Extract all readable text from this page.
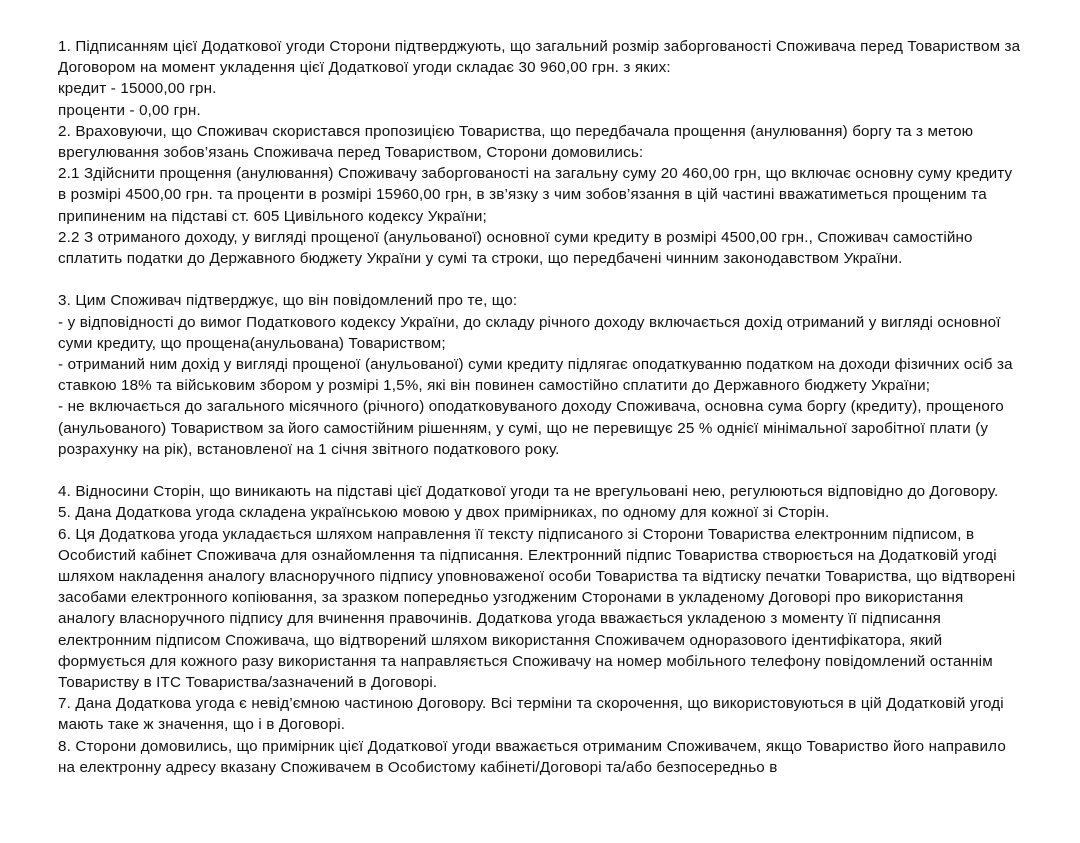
1. Підписанням цієї Додаткової угоди Сторони підтверджують, що загальний розмір заборгованості Споживача перед Товариством за Договором на момент укладення цієї Додаткової угоди складає 30 960,00 грн. з яких:

кредит - 15000,00 грн.

проценти - 0,00 грн.

2. Враховуючи, що Споживач скористався пропозицією Товариства, що передбачала прощення (анулювання) боргу та з метою врегулювання зобов’язань Споживача перед Товариством, Сторони домовились:

2.1 Здійснити прощення (анулювання) Споживачу заборгованості на загальну суму 20 460,00 грн, що включає основну суму кредиту в розмірі 4500,00 грн. та проценти в розмірі 15960,00 грн, в зв’язку з чим зобов’язання в цій частині вважатиметься прощеним та припиненим на підставі ст. 605 Цивільного кодексу України;

2.2 З отриманого доходу, у вигляді прощеної (анульованої) основної суми кредиту в розмірі 4500,00 грн., Споживач самостійно сплатить податки до Державного бюджету України у сумі та строки, що передбачені чинним законодавством України.

3. Цим Споживач підтверджує, що він повідомлений про те, що:

- у відповідності до вимог Податкового кодексу України, до складу річного доходу включається дохід отриманий у вигляді основної суми кредиту, що прощена(анульована) Товариством;

- отриманий ним дохід у вигляді прощеної (анульованої) суми кредиту підлягає оподаткуванню податком на доходи фізичних осіб за ставкою 18% та військовим збором у розмірі 1,5%, які він повинен самостійно сплатити до Державного бюджету України;

- не включається до загального місячного (річного) оподатковуваного доходу Споживача, основна сума боргу (кредиту), прощеного (анульованого) Товариством за його самостійним рішенням, у сумі, що не перевищує 25 % однієї мінімальної заробітної плати (у розрахунку на рік), встановленої на 1 січня звітного податкового року.

4. Відносини Сторін, що виникають на підставі цієї Додаткової угоди та не врегульовані нею, регулюються відповідно до Договору.

5. Дана Додаткова угода складена українською мовою у двох примірниках, по одному для кожної зі Сторін.

6. Ця Додаткова угода укладається шляхом направлення її тексту підписаного зі Сторони Товариства електронним підписом, в Особистий кабінет Споживача для ознайомлення та підписання. Електронний підпис Товариства створюється на Додатковій угоді шляхом накладення аналогу власноручного підпису уповноваженої особи Товариства та відтиску печатки Товариства, що відтворені засобами електронного копіювання, за зразком попередньо узгодженим Сторонами в укладеному Договорі про використання аналогу власноручного підпису для вчинення правочинів. Додаткова угода вважається укладеною з моменту її підписання електронним підписом Споживача, що відтворений шляхом використання Споживачем одноразового ідентифікатора, який формується для кожного разу використання та направляється Споживачу на номер мобільного телефону повідомлений останнім Товариству в ІТС Товариства/зазначений в Договорі.

7. Дана Додаткова угода є невід’ємною частиною Договору. Всі терміни та скорочення, що використовуються в цій Додатковій угоді мають таке ж значення, що і в Договорі.

8. Сторони домовились, що примірник цієї Додаткової угоди вважається отриманим Споживачем, якщо Товариство його направило на електронну адресу вказану Споживачем в Особистому кабінеті/Договорі та/або безпосередньо в
